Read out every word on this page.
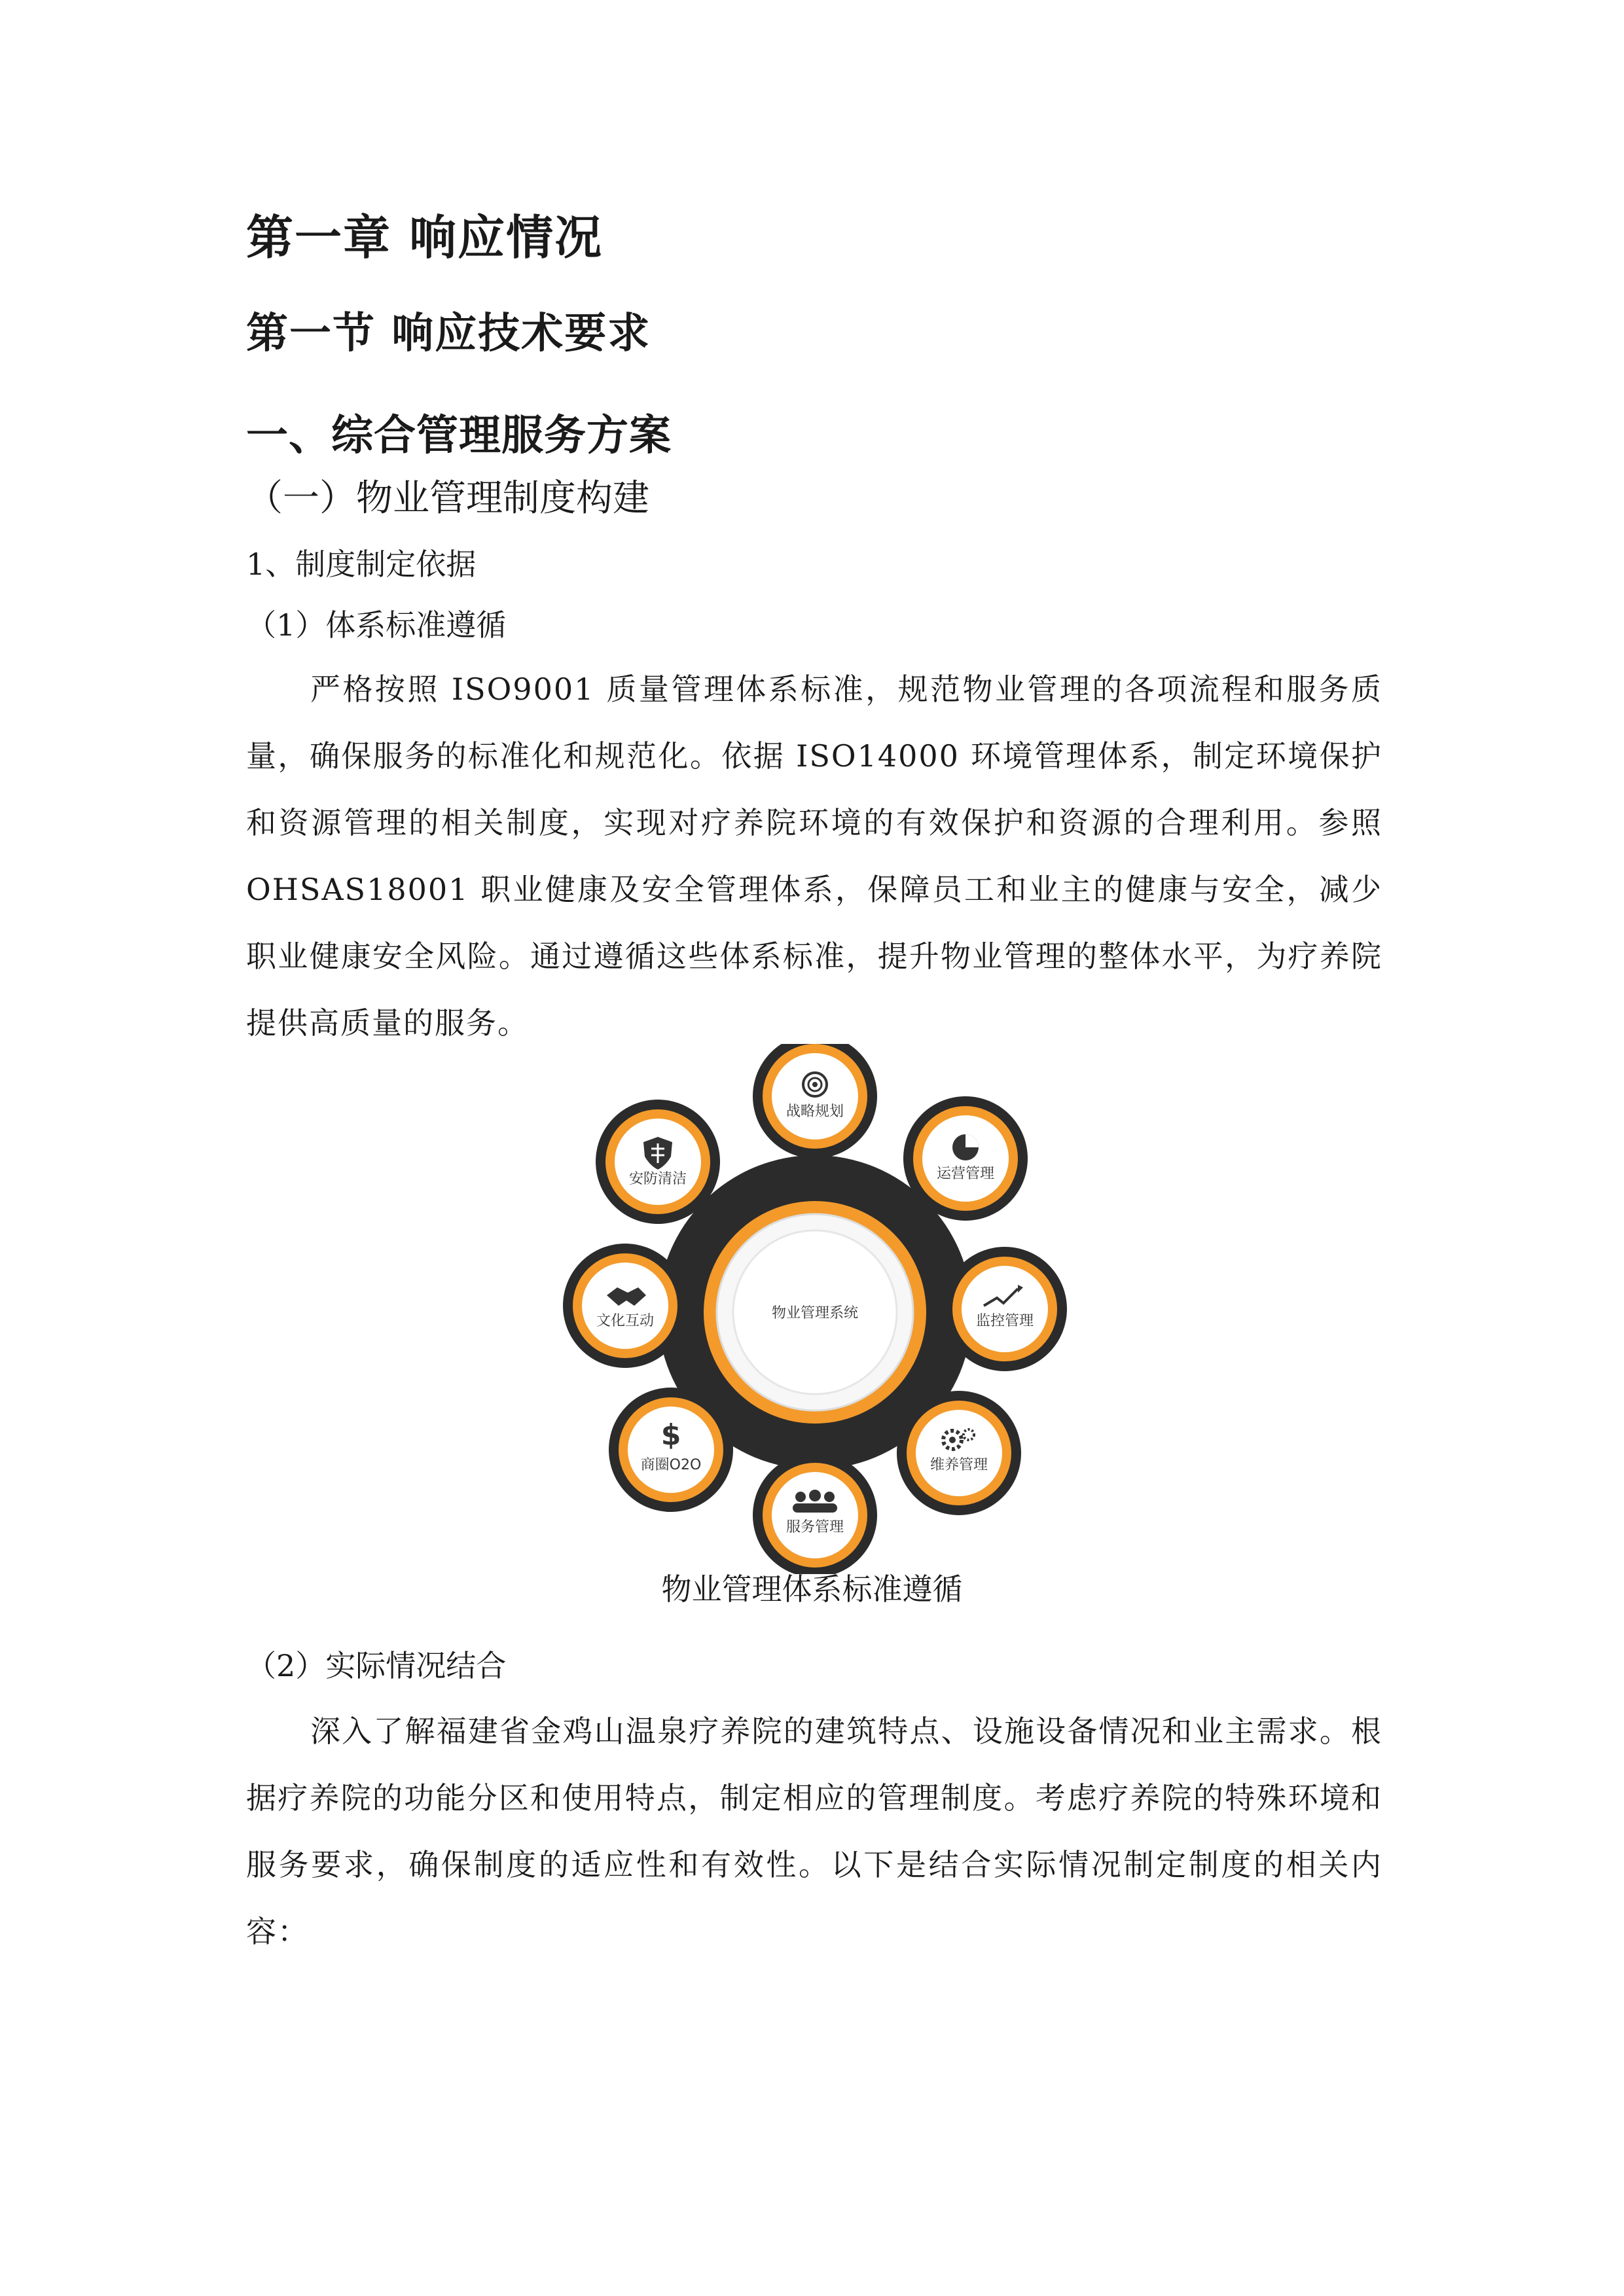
第一章 响应情况
第一节 响应技术要求
一、综合管理服务方案
（一）物业管理制度构建
1、制度制定依据
（1）体系标准遵循
严格按照 ISO9001 质量管理体系标准，规范物业管理的各项流程和服务质量，确保服务的标准化和规范化。依据 ISO14000 环境管理体系，制定环境保护和资源管理的相关制度，实现对疗养院环境的有效保护和资源的合理利用。参照 OHSAS18001 职业健康及安全管理体系，保障员工和业主的健康与安全，减少职业健康安全风险。通过遵循这些体系标准，提升物业管理的整体水平，为疗养院提供高质量的服务。
物业管理系统
战略规划
运营管理
监控管理
维养管理
服务管理
$
商圈O2O
文化互动
安防清洁
物业管理体系标准遵循
（2）实际情况结合
深入了解福建省金鸡山温泉疗养院的建筑特点、设施设备情况和业主需求。根据疗养院的功能分区和使用特点，制定相应的管理制度。考虑疗养院的特殊环境和服务要求，确保制度的适应性和有效性。以下是结合实际情况制定制度的相关内容：
